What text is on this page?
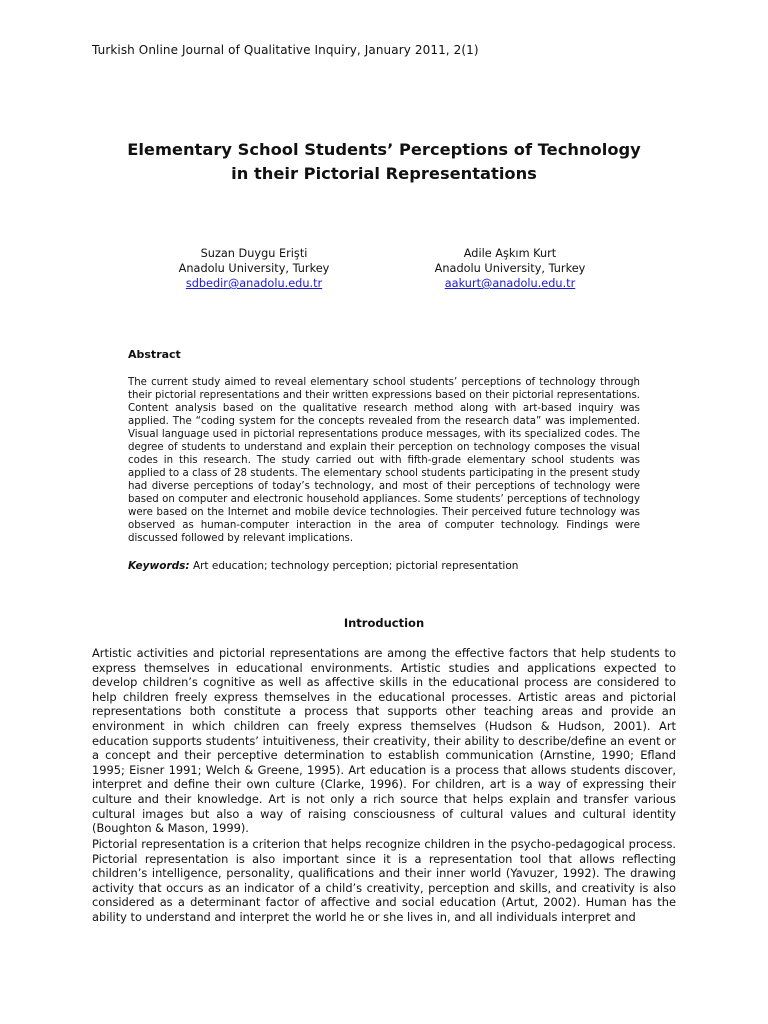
Turkish Online Journal of Qualitative Inquiry, January 2011, 2(1)
Elementary School Students’ Perceptions of Technology
in their Pictorial Representations
Suzan Duygu Erişti
Anadolu University, Turkey
sdbedir@anadolu.edu.tr
Adile Aşkım Kurt
Anadolu University, Turkey
aakurt@anadolu.edu.tr
Abstract
The current study aimed to reveal elementary school students’ perceptions of technology through their pictorial representations and their written expressions based on their pictorial representations. Content analysis based on the qualitative research method along with art-based inquiry was applied. The “coding system for the concepts revealed from the research data” was implemented. Visual language used in pictorial representations produce messages, with its specialized codes. The degree of students to understand and explain their perception on technology composes the visual codes in this research. The study carried out with fifth-grade elementary school students was applied to a class of 28 students. The elementary school students participating in the present study had diverse perceptions of today’s technology, and most of their perceptions of technology were based on computer and electronic household appliances. Some students’ perceptions of technology were based on the Internet and mobile device technologies. Their perceived future technology was observed as human-computer interaction in the area of computer technology. Findings were discussed followed by relevant implications.
Keywords: Art education; technology perception; pictorial representation
Introduction
Artistic activities and pictorial representations are among the effective factors that help students to express themselves in educational environments. Artistic studies and applications expected to develop children’s cognitive as well as affective skills in the educational process are considered to help children freely express themselves in the educational processes. Artistic areas and pictorial representations both constitute a process that supports other teaching areas and provide an environment in which children can freely express themselves (Hudson & Hudson, 2001). Art education supports students’ intuitiveness, their creativity, their ability to describe/define an event or a concept and their perceptive determination to establish communication (Arnstine, 1990; Efland 1995; Eisner 1991; Welch & Greene, 1995). Art education is a process that allows students discover, interpret and define their own culture (Clarke, 1996). For children, art is a way of expressing their culture and their knowledge. Art is not only a rich source that helps explain and transfer various cultural images but also a way of raising consciousness of cultural values and cultural identity (Boughton & Mason, 1999).
Pictorial representation is a criterion that helps recognize children in the psycho-pedagogical process. Pictorial representation is also important since it is a representation tool that allows reflecting children’s intelligence, personality, qualifications and their inner world (Yavuzer, 1992). The drawing activity that occurs as an indicator of a child’s creativity, perception and skills, and creativity is also considered as a determinant factor of affective and social education (Artut, 2002). Human has the ability to understand and interpret the world he or she lives in, and all individuals interpret and
